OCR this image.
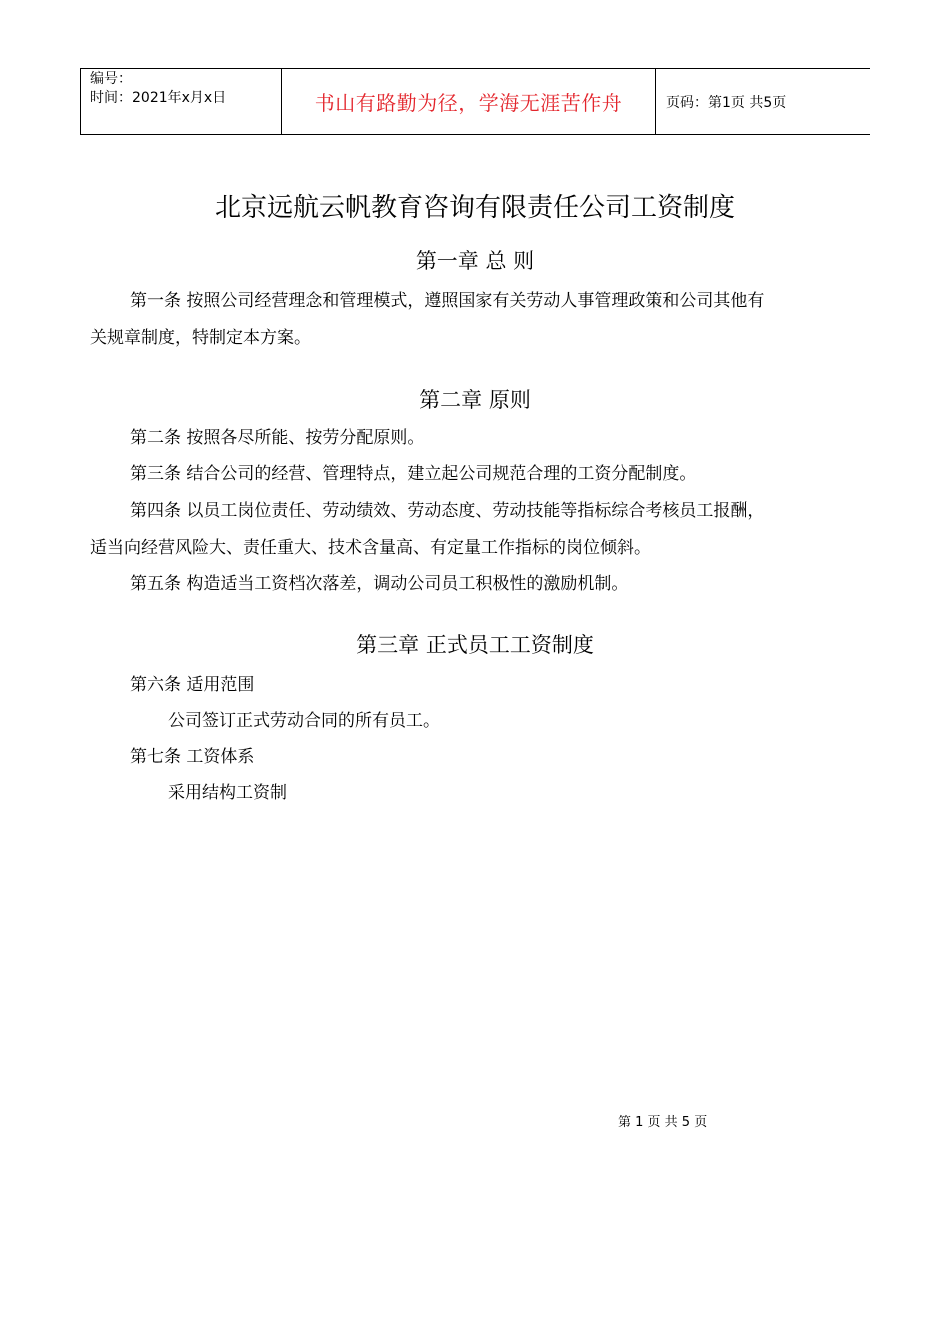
编号：
时间：2021年x月x日	书山有路勤为径，学海无涯苦作舟	页码：第1页 共5页
北京远航云帆教育咨询有限责任公司工资制度
第一章 总 则
第一条 按照公司经营理念和管理模式，遵照国家有关劳动人事管理政策和公司其他有
关规章制度，特制定本方案。
第二章 原则
第二条 按照各尽所能、按劳分配原则。
第三条 结合公司的经营、管理特点，建立起公司规范合理的工资分配制度。
第四条 以员工岗位责任、劳动绩效、劳动态度、劳动技能等指标综合考核员工报酬，
适当向经营风险大、责任重大、技术含量高、有定量工作指标的岗位倾斜。
第五条 构造适当工资档次落差，调动公司员工积极性的激励机制。
第三章 正式员工工资制度
第六条 适用范围
公司签订正式劳动合同的所有员工。
第七条 工资体系
采用结构工资制
第 1 页 共 5 页
